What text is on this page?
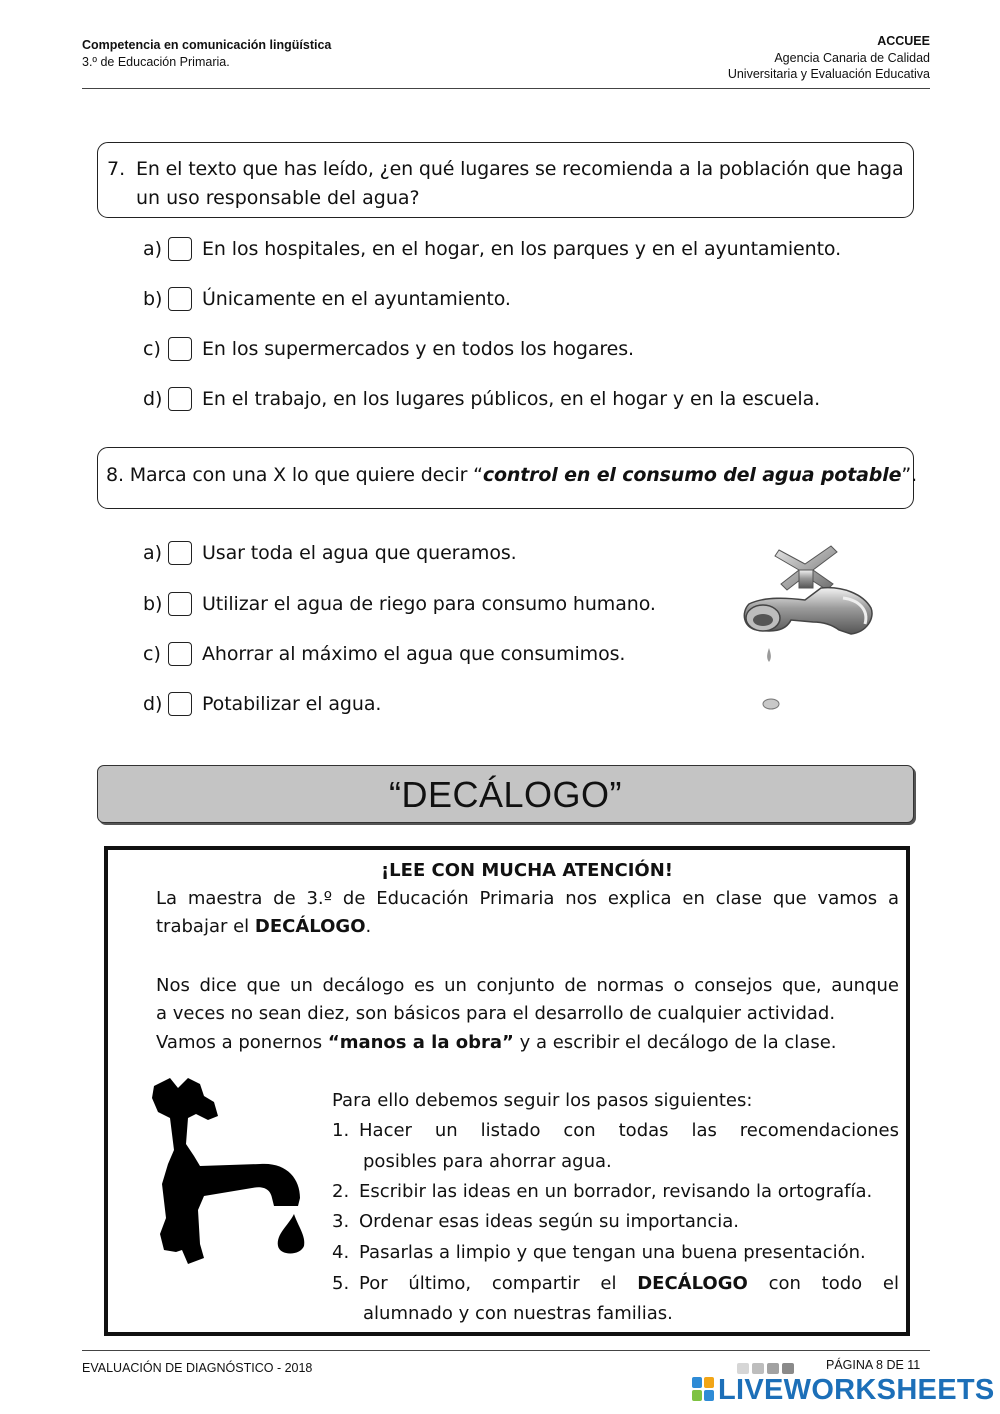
Competencia en comunicación lingüística
3.º de Educación Primaria.
ACCUEE
Agencia Canaria de Calidad
Universitaria y Evaluación Educativa
7. En el texto que has leído, ¿en qué lugares se recomienda a la población que haga
un uso responsable del agua?
a) En los hospitales, en el hogar, en los parques y en el ayuntamiento.
b) Únicamente en el ayuntamiento.
c) En los supermercados y en todos los hogares.
d) En el trabajo, en los lugares públicos, en el hogar y en la escuela.
8. Marca con una X lo que quiere decir “control en el consumo del agua potable”.
a) Usar toda el agua que queramos.
b) Utilizar el agua de riego para consumo humano.
c) Ahorrar al máximo el agua que consumimos.
d) Potabilizar el agua.
“DECÁLOGO”
¡LEE CON MUCHA ATENCIÓN!
La maestra de 3.º de Educación Primaria nos explica en clase que vamos a
trabajar el DECÁLOGO.
Nos dice que un decálogo es un conjunto de normas o consejos que, aunque
a veces no sean diez, son básicos para el desarrollo de cualquier actividad.
Vamos a ponernos “manos a la obra” y a escribir el decálogo de la clase.
Para ello debemos seguir los pasos siguientes:
1. Hacer un listado con todas las recomendaciones
posibles para ahorrar agua.
2. Escribir las ideas en un borrador, revisando la ortografía.
3. Ordenar esas ideas según su importancia.
4. Pasarlas a limpio y que tengan una buena presentación.
5. Por último, compartir el DECÁLOGO con todo el
alumnado y con nuestras familias.
EVALUACIÓN DE DIAGNÓSTICO - 2018	PÁGINA 8 DE 11
LIVEWORKSHEETS
